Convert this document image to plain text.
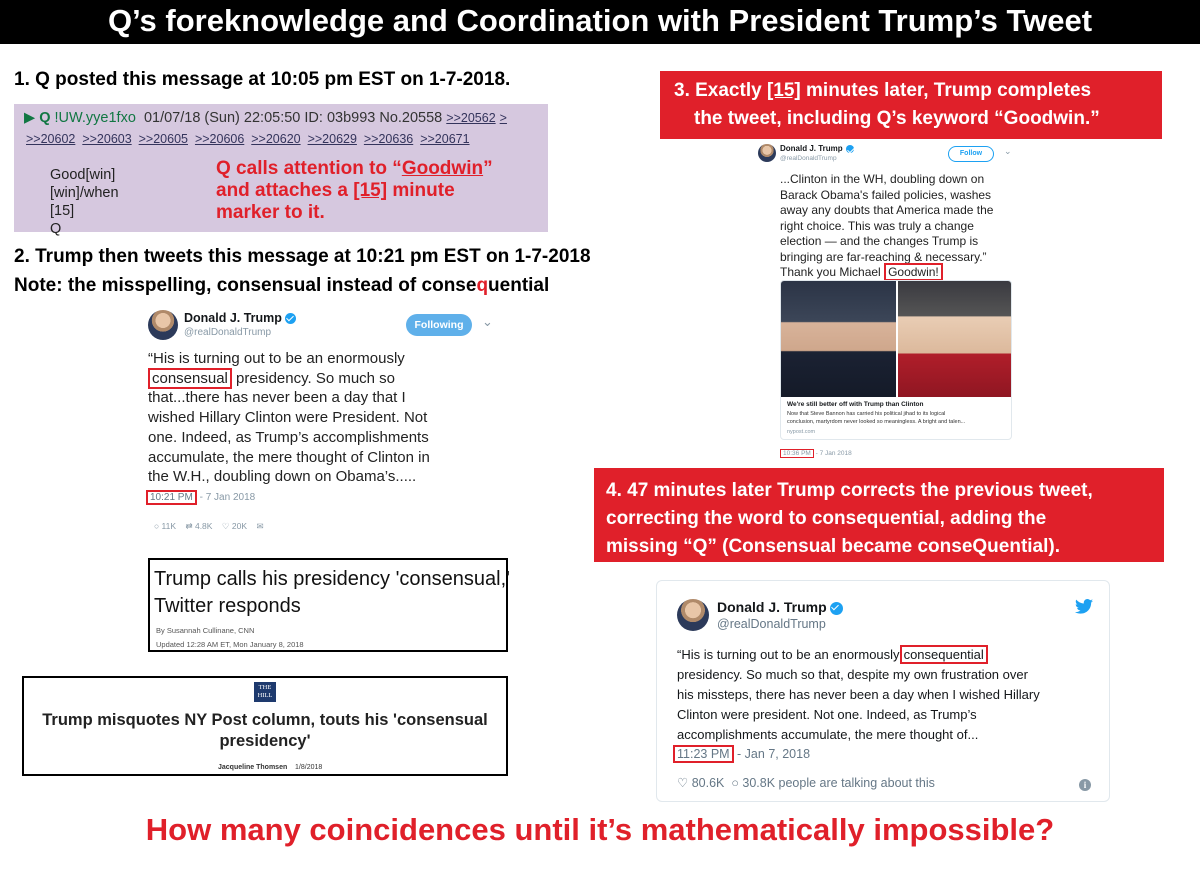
Q’s foreknowledge and Coordination with President Trump’s Tweet
1. Q posted this message at 10:05 pm EST on 1-7-2018.
▶ Q !UW.yye1fxo 01/07/18 (Sun) 22:05:50 ID: 03b993 No.20558 >>20562 >
>>20602 >>20603 >>20605 >>20606 >>20620 >>20629 >>20636 >>20671
Good[win]
[win]/when
[15]
Q
Q calls attention to “Goodwin”
and attaches a [15] minute
marker to it.
2. Trump then tweets this message at 10:21 pm EST on 1-7-2018
Note: the misspelling, consensual instead of consequential
Donald J. Trump
@realDonaldTrump
Following	⌄
“His is turning out to be an enormously
consensual presidency. So much so
that...there has never been a day that I
wished Hillary Clinton were President. Not
one. Indeed, as Trump’s accomplishments
accumulate, the mere thought of Clinton in
the W.H., doubling down on Obama’s.....
10:21 PM - 7 Jan 2018
○ 11K ⇄ 4.8K ♡ 20K ✉
Trump calls his presidency 'consensual,'
Twitter responds
By Susannah Cullinane, CNN
Updated 12:28 AM ET, Mon January 8, 2018
THE
HILL
Trump misquotes NY Post column, touts his 'consensual
presidency'
Jacqueline Thomsen 1/8/2018
3. Exactly [15] minutes later, Trump completes
the tweet, including Q’s keyword “Goodwin.”
Donald J. Trump
@realDonaldTrump
Follow	⌄
...Clinton in the WH, doubling down on
Barack Obama's failed policies, washes
away any doubts that America made the
right choice. This was truly a change
election — and the changes Trump is
bringing are far-reaching & necessary.”
Thank you Michael Goodwin!
We're still better off with Trump than Clinton
Now that Steve Bannon has carried his political jihad to its logical
conclusion, martyrdom never looked so meaningless. A bright and talen...
nypost.com
10:36 PM - 7 Jan 2018
4. 47 minutes later Trump corrects the previous tweet,
correcting the word to consequential, adding the
missing “Q” (Consensual became conseQuential).
Donald J. Trump
@realDonaldTrump
“His is turning out to be an enormously consequential
presidency. So much so that, despite my own frustration over
his missteps, there has never been a day when I wished Hillary
Clinton were president. Not one. Indeed, as Trump’s
accomplishments accumulate, the mere thought of...
11:23 PM - Jan 7, 2018
♡ 80.6K ○ 30.8K people are talking about this	i
How many coincidences until it’s mathematically impossible?
